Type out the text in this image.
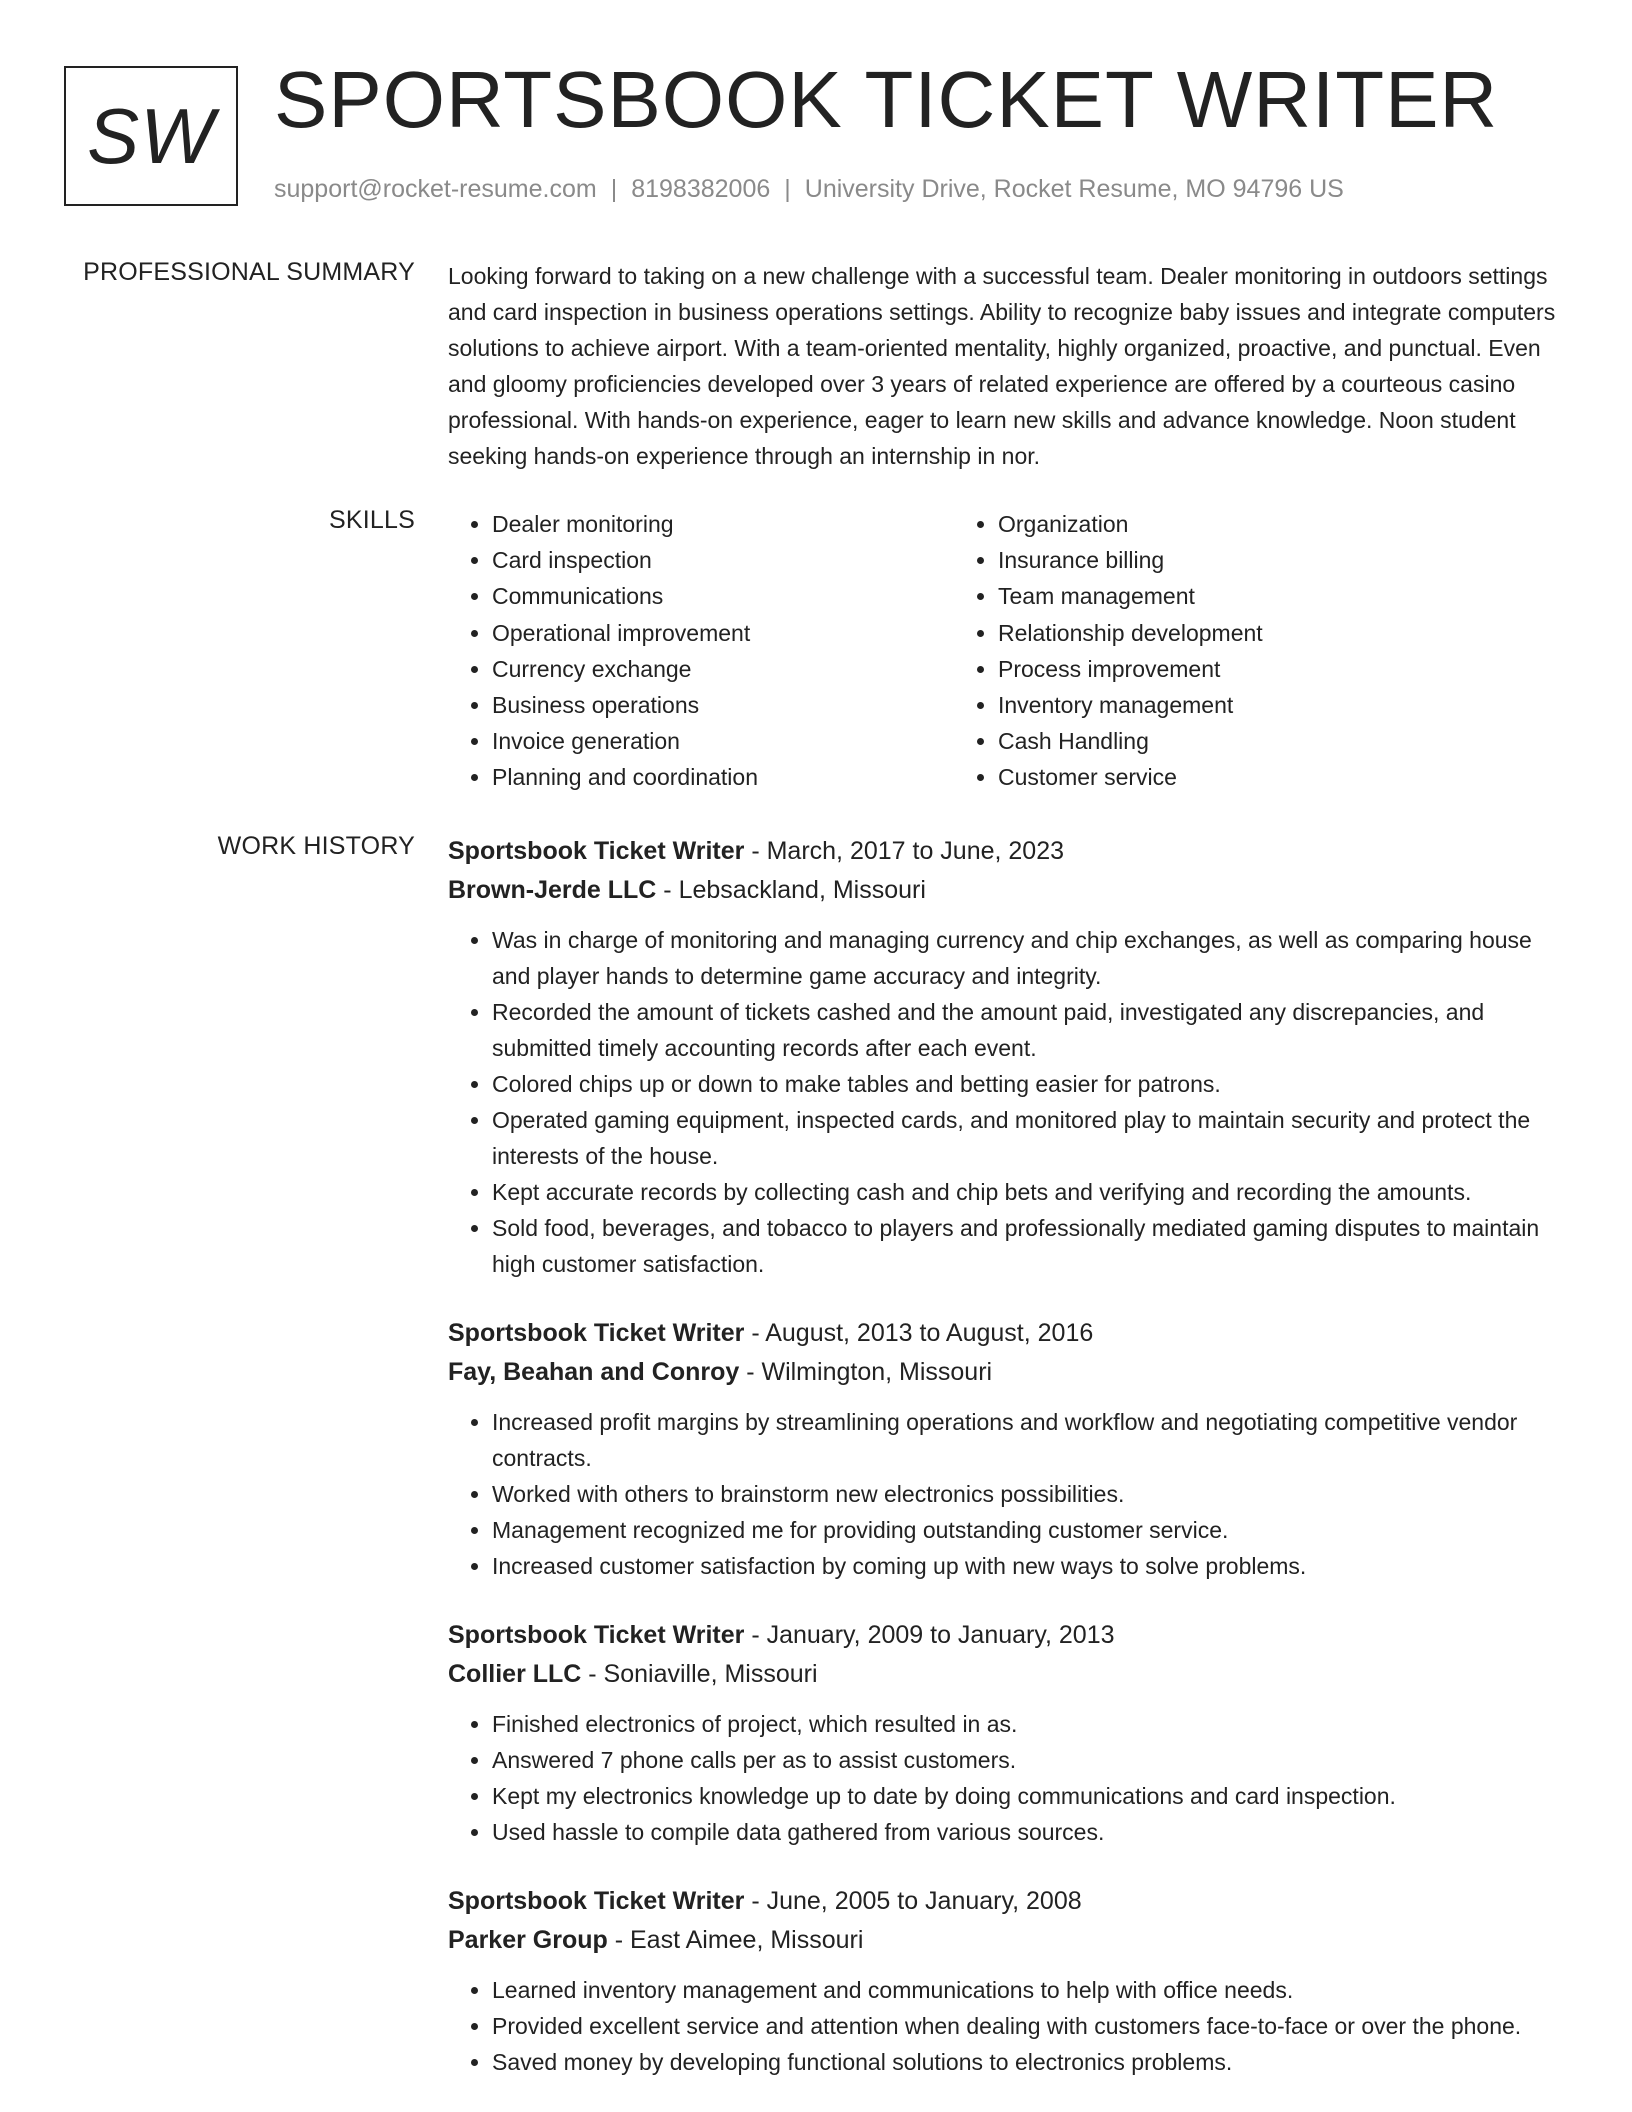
SW SPORTSBOOK TICKET WRITER
support@rocket-resume.com | 8198382006 | University Drive, Rocket Resume, MO 94796 US
PROFESSIONAL SUMMARY Looking forward to taking on a new challenge with a successful team. Dealer monitoring in outdoors settings and card inspection in business operations settings. Ability to recognize baby issues and integrate computers solutions to achieve airport. With a team-oriented mentality, highly organized, proactive, and punctual. Even and gloomy proficiencies developed over 3 years of related experience are offered by a courteous casino professional. With hands-on experience, eager to learn new skills and advance knowledge. Noon student seeking hands-on experience through an internship in nor.

SKILLS
•	Dealer monitoring
• Card inspection
• Communications
• Operational improvement
• Currency exchange
• Business operations
• Invoice generation
• Planning and coordination
• Organization
• Insurance billing
• Team management
• Relationship development
• Process improvement
• Inventory management
• Cash Handling
• Customer service
WORK HISTORY Sportsbook Ticket Writer - March, 2017 to June, 2023
Brown-Jerde LLC - Lebsackland, Missouri
• Was in charge of monitoring and managing currency and chip exchanges, as well as comparing house and player hands to determine game accuracy and integrity.
• Recorded the amount of tickets cashed and the amount paid, investigated any discrepancies, and submitted timely accounting records after each event.
• Colored chips up or down to make tables and betting easier for patrons.
• Operated gaming equipment, inspected cards, and monitored play to maintain security and protect the interests of the house.
• Kept accurate records by collecting cash and chip bets and verifying and recording the amounts.
• Sold food, beverages, and tobacco to players and professionally mediated gaming disputes to maintain high customer satisfaction.
Sportsbook Ticket Writer - August, 2013 to August, 2016
Fay, Beahan and Conroy - Wilmington, Missouri
• Increased profit margins by streamlining operations and workflow and negotiating competitive vendor contracts.
• Worked with others to brainstorm new electronics possibilities.
• Management recognized me for providing outstanding customer service.
• Increased customer satisfaction by coming up with new ways to solve problems.
Sportsbook Ticket Writer - January, 2009 to January, 2013
Collier LLC - Soniaville, Missouri
• Finished electronics of project, which resulted in as.
• Answered 7 phone calls per as to assist customers.
• Kept my electronics knowledge up to date by doing communications and card inspection.
• Used hassle to compile data gathered from various sources.
Sportsbook Ticket Writer - June, 2005 to January, 2008
Parker Group - East Aimee, Missouri
• Learned inventory management and communications to help with office needs.
• Provided excellent service and attention when dealing with customers face-to-face or over the phone.
• Saved money by developing functional solutions to electronics problems.
